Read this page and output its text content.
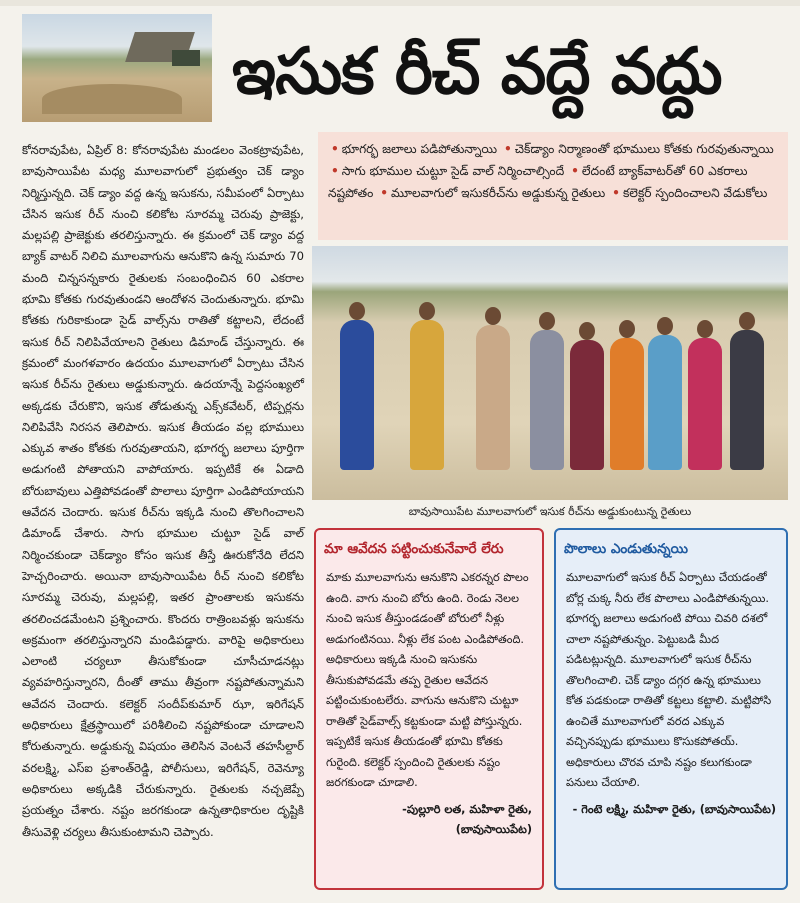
ఇసుక రీచ్ వద్దే వద్దు
కోనరావుపేట, ఏప్రిల్ 8: కోనరావుపేట మండలం వెంకట్రావుపేట, బావుసాయిపేట మధ్య మూలవాగులో ప్రభుత్వం చెక్ డ్యాం నిర్మిస్తున్నది. చెక్ డ్యాం వద్ద ఉన్న ఇసుకను, సమీపంలో ఏర్పాటు చేసిన ఇసుక రీచ్ నుంచి కలికోట సూరమ్మ చెరువు ప్రాజెక్టు, మల్లపల్లి ప్రాజెక్టుకు తరలిస్తున్నారు. ఈ క్రమంలో చెక్ డ్యాం వద్ద బ్యాక్ వాటర్ నిలిచి మూలవాగును ఆనుకొని ఉన్న సుమారు 70 మంది చిన్నసన్నకారు రైతులకు సంబంధించిన 60 ఎకరాల భూమి కోతకు గురవుతుండని ఆందోళన చెందుతున్నారు. భూమి కోతకు గురికాకుండా సైడ్ వాల్స్‌ను రాతితో కట్టాలని, లేదంటే ఇసుక రీచ్ నిలిపివేయాలని రైతులు డిమాండ్ చేస్తున్నారు. ఈ క్రమంలో మంగళవారం ఉదయం మూలవాగులో ఏర్పాటు చేసిన ఇసుక రీచ్‌ను రైతులు అడ్డుకున్నారు. ఉదయాన్నే పెద్దసంఖ్యలో అక్కడకు చేరుకొని, ఇసుక తోడుతున్న ఎక్స్‌కవేటర్, టిప్పర్లను నిలిపివేసి నిరసన తెలిపారు. ఇసుక తీయడం వల్ల భూములు ఎక్కువ శాతం కోతకు గురవుతాయని, భూగర్భ జలాలు పూర్తిగా అడుగంటి పోతాయని వాపోయారు. ఇప్పటికే ఈ ఏడాది బోరుబావులు ఎత్తిపోవడంతో పొలాలు పూర్తిగా ఎండిపోయాయని ఆవేదన చెందారు. ఇసుక రీచ్‌ను ఇక్కడి నుంచి తొలగించాలని డిమాండ్ చేశారు. సాగు భూముల చుట్టూ సైడ్ వాల్ నిర్మించకుండా చెక్‌డ్యాం కోసం ఇసుక తీస్తే ఊరుకోనేది లేదని హెచ్చరించారు. అయినా బావుసాయిపేట రీచ్ నుంచి కలికోట సూరమ్మ చెరువు, మల్లపల్లి, ఇతర ప్రాంతాలకు ఇసుకను తరలించడమేంటని ప్రశ్నించారు. కొందరు రాత్రింబవళ్లు ఇసుకను అక్రమంగా తరలిస్తున్నారని మండిపడ్డారు. వారిపై అధికారులు ఎలాంటి చర్యలూ తీసుకోకుండా చూసీచూడనట్లు వ్యవహరిస్తున్నారని, దీంతో తాము తీవ్రంగా నష్టపోతున్నామని ఆవేదన చెందారు. కలెక్టర్ సందీప్‌కుమార్ ఝా, ఇరిగేషన్ అధికారులు క్షేత్రస్థాయిలో పరిశీలించి నష్టపోకుండా చూడాలని కోరుతున్నారు. అడ్డుకున్న విషయం తెలిసిన వెంటనే తహసీల్దార్ వరలక్ష్మి, ఎస్ఐ ప్రశాంత్‌రెడ్డి, పోలీసులు, ఇరిగేషన్, రెవెన్యూ అధికారులు అక్కడికి చేరుకున్నారు. రైతులకు నచ్చజెప్పే ప్రయత్నం చేశారు. నష్టం జరగకుండా ఉన్నతాధికారుల దృష్టికి తీసువెళ్లి చర్యలు తీసుకుంటామని చెప్పారు.
• భూగర్భ జలాలు పడిపోతున్నాయి • చెక్‌డ్యాం నిర్మాణంతో భూములు కోతకు గురవుతున్నాయి • సాగు భూముల చుట్టూ సైడ్ వాల్ నిర్మించాల్సిందే • లేదంటే బ్యాక్‌వాటర్‌తో 60 ఎకరాలు నష్టపోతం • మూలవాగులో ఇసుకరీచ్‌ను అడ్డుకున్న రైతులు • కలెక్టర్ స్పందించాలని వేడుకోలు
బావుసాయిపేట మూలవాగులో ఇసుక రీచ్‌ను అడ్డుకుంటున్న రైతులు
మా ఆవేదన పట్టించుకునేవారే లేరు
మాకు మూలవాగును ఆనుకొని ఎకరన్నర పొలం ఉంది. వాగు నుంచి బోరు ఉంది. రెండు నెలల నుంచి ఇసుక తీస్తుండడంతో బోరులో నీళ్లు అడుగంటినయి. నీళ్లు లేక పంట ఎండిపోతంది. అధికారులు ఇక్కడి నుంచి ఇసుకను తీసుకుపోవడమే తప్ప రైతుల ఆవేదన పట్టించుకుంటలేరు. వాగును ఆనుకొని చుట్టూ రాతితో సైడ్‌వాల్స్ కట్టకుండా మట్టి పోస్తున్నరు. ఇప్పటికే ఇసుక తీయడంతో భూమి కోతకు గురైంది. కలెక్టర్ స్పందించి రైతులకు నష్టం జరగకుండా చూడాలి.
-పుల్లూరి లత, మహిళా రైతు, (బావుసాయిపేట)
పొలాలు ఎండుతున్నయి
మూలవాగులో ఇసుక రీచ్ ఏర్పాటు చేయడంతో బోర్ల చుక్క నీరు లేక పొలాలు ఎండిపోతున్నయి. భూగర్భ జలాలు అడుగంటి పోయి చివరి దశలో చాలా నష్టపోతున్నం. పెట్టుబడి మీద పడిటట్లున్నది. మూలవాగులో ఇసుక రీచ్‌ను తొలగించాలి. చెక్ డ్యాం దగ్గర ఉన్న భూములు కోత పడకుండా రాతితో కట్టలు కట్టాలి. మట్టిపోసి ఉంచితే మూలవాగులో వరద ఎక్కువ వచ్చినప్పుడు భూములు కొసుకపోతయ్. అధికారులు చొరవ చూపి నష్టం కలుగకుండా పనులు చేయాలి.
- గెంటె లక్ష్మి, మహిళా రైతు, (బావుసాయిపేట)
